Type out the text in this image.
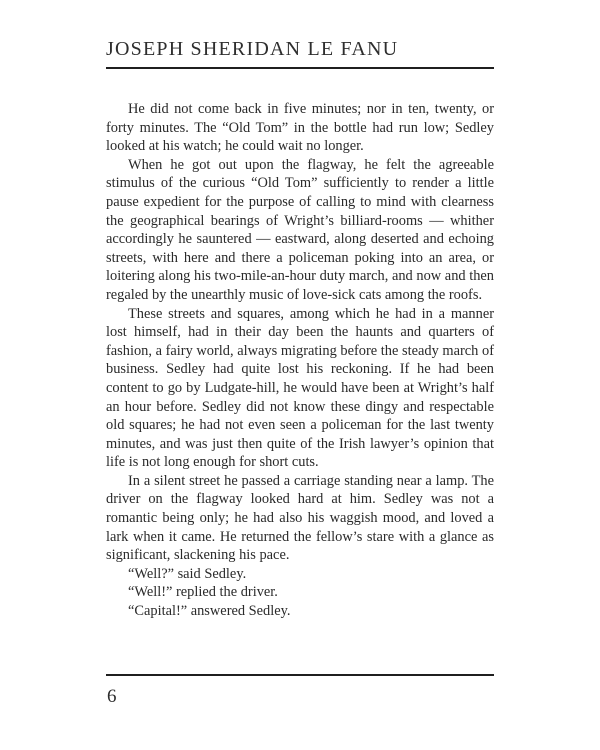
JOSEPH SHERIDAN LE FANU

He did not come back in five minutes; nor in ten, twenty, or forty minutes. The “Old Tom” in the bottle had run low; Sedley looked at his watch; he could wait no longer.

When he got out upon the flagway, he felt the agreeable stimulus of the curious “Old Tom” sufficiently to render a little pause expedient for the purpose of calling to mind with clearness the geographical bearings of Wright’s billiard-rooms — whither accordingly he sauntered — eastward, along deserted and echoing streets, with here and there a policeman poking into an area, or loitering along his two-mile-an-hour duty march, and now and then regaled by the unearthly music of love-sick cats among the roofs.

These streets and squares, among which he had in a manner lost himself, had in their day been the haunts and quarters of fashion, a fairy world, always migrating before the steady march of business. Sedley had quite lost his reckoning. If he had been content to go by Ludgate-hill, he would have been at Wright’s half an hour before. Sedley did not know these dingy and respectable old squares; he had not even seen a policeman for the last twenty minutes, and was just then quite of the Irish lawyer’s opinion that life is not long enough for short cuts.

In a silent street he passed a carriage standing near a lamp. The driver on the flagway looked hard at him. Sedley was not a romantic being only; he had also his waggish mood, and loved a lark when it came. He returned the fellow’s stare with a glance as significant, slackening his pace.

“Well?” said Sedley.

“Well!” replied the driver.

“Capital!” answered Sedley.

6
